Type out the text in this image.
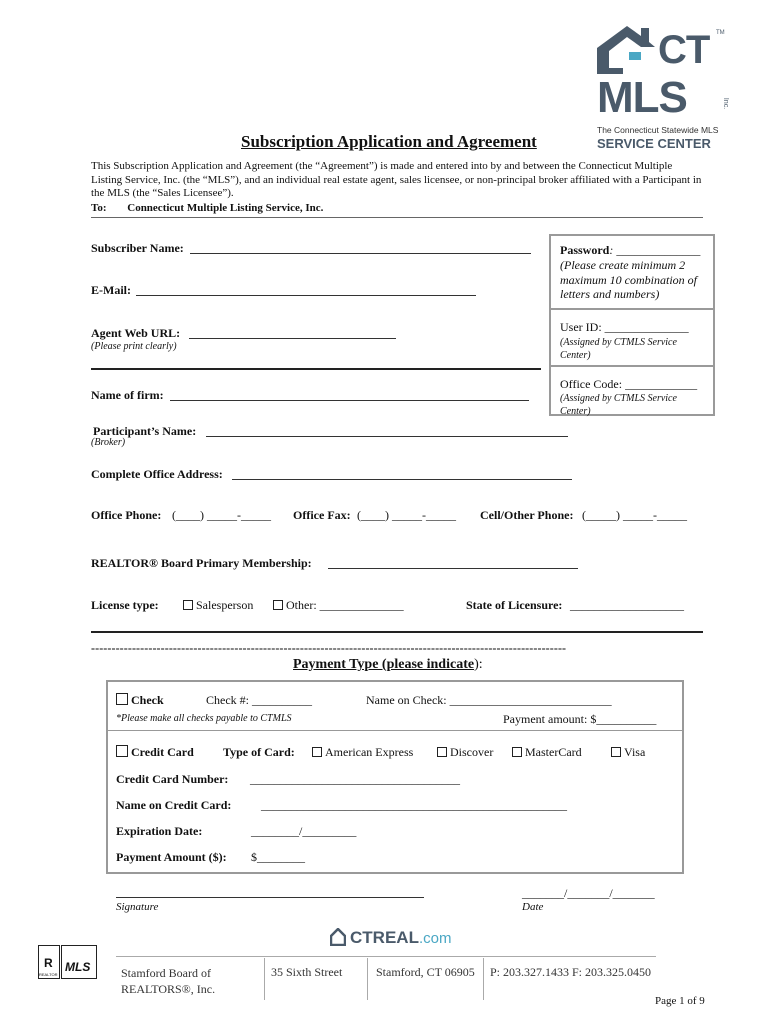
CT TM
MLS	Inc.
The Connecticut Statewide MLS
SERVICE CENTER
Subscription Application and Agreement
This Subscription Application and Agreement (the “Agreement”) is made and entered into by and between the Connecticut Multiple Listing Service, Inc. (the “MLS”), and an individual real estate agent, sales licensee, or non-principal broker affiliated with a Participant in the MLS (the “Sales Licensee”).
To: Connecticut Multiple Listing Service, Inc.
Subscriber Name:
E-Mail:
Agent Web URL:
(Please print clearly)
Name of firm:
Participant’s Name:
(Broker)
Complete Office Address:
Office Phone: (____) _____-_____ Office Fax: (____) _____-_____ Cell/Other Phone: (_____) _____-_____
REALTOR® Board Primary Membership:
License type:	Salesperson	Other: ______________	State of Licensure: ___________________
--------------------------------------------------------------------------------------------------------------------
Password: ______________
(Please create minimum 2 maximum 10 combination of letters and numbers)
User ID: ______________
(Assigned by CTMLS Service Center)
Office Code: ____________
(Assigned by CTMLS Service Center)
Payment Type (please indicate):
Check	Check #: __________	Name on Check: ___________________________
*Please make all checks payable to CTMLS	Payment amount: $__________
Credit Card Type of Card:	American Express	Discover	MasterCard	Visa
Credit Card Number: ___________________________________
Name on Credit Card: ___________________________________________________
Expiration Date:	________/_________
Payment Amount ($): $________
Signature
_______/_______/_______
Date
CTREAL.com
R
REALTOR
MLS	Stamford Board of REALTORS®, Inc.
35 Sixth Street	Stamford, CT 06905 P: 203.327.1433 F: 203.325.0450
Page 1 of 9
